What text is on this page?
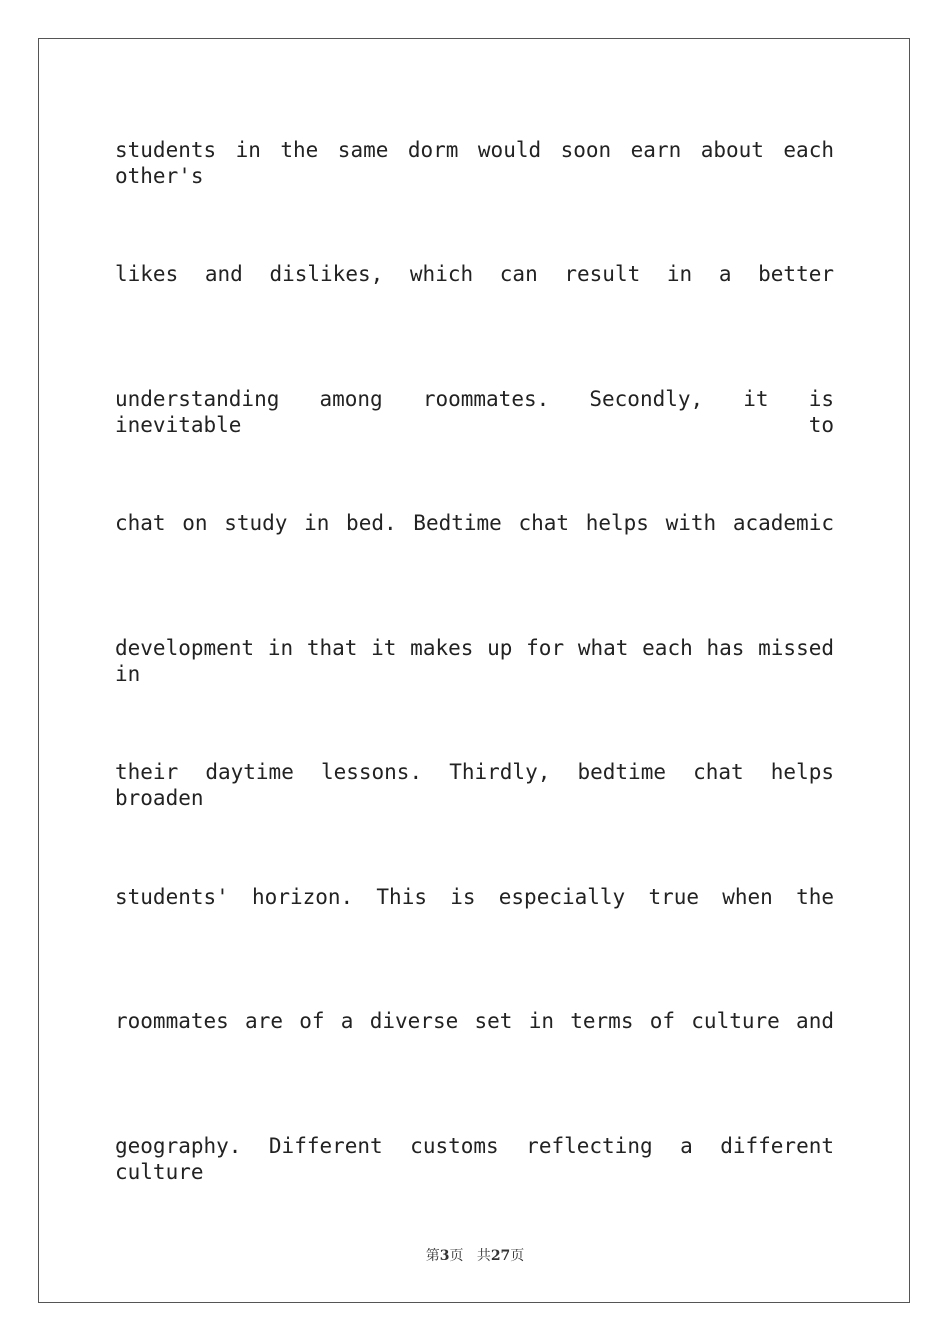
students in the same dorm would soon earn about each other's
likes and dislikes, which can result in a better
understanding among roommates. Secondly, it is inevitable to
chat on study in bed. Bedtime chat helps with academic
development in that it makes up for what each has missed in
their daytime lessons. Thirdly, bedtime chat helps broaden
students' horizon. This is especially true when the
roommates are of a diverse set in terms of culture and
geography. Different customs reflecting a different culture
第3页 共27页
